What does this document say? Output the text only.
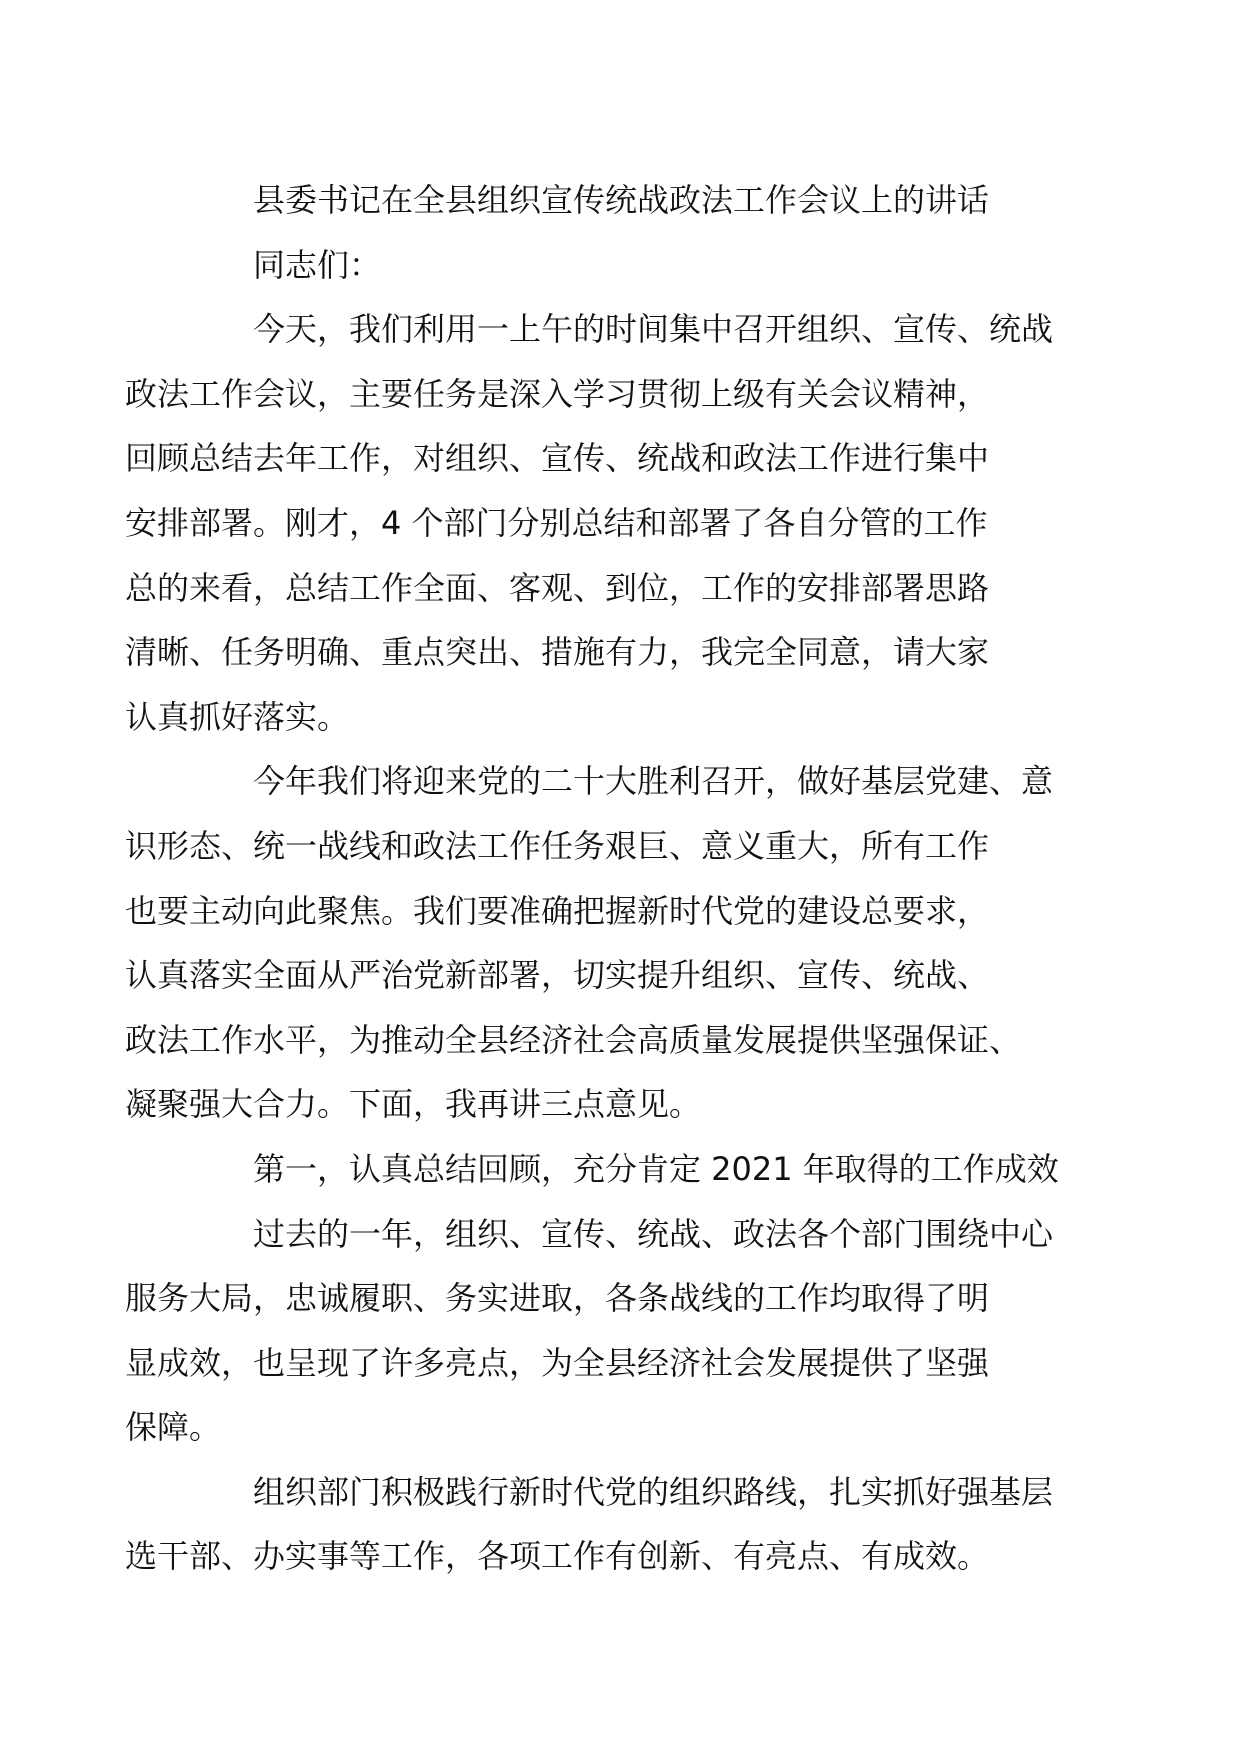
县委书记在全县组织宣传统战政法工作会议上的讲话

同志们：

今天，我们利用一上午的时间集中召开组织、宣传、统战
政法工作会议，主要任务是深入学习贯彻上级有关会议精神，
回顾总结去年工作，对组织、宣传、统战和政法工作进行集中
安排部署。刚才，4 个部门分别总结和部署了各自分管的工作
总的来看，总结工作全面、客观、到位，工作的安排部署思路
清晰、任务明确、重点突出、措施有力，我完全同意，请大家
认真抓好落实。

今年我们将迎来党的二十大胜利召开，做好基层党建、意
识形态、统一战线和政法工作任务艰巨、意义重大，所有工作
也要主动向此聚焦。我们要准确把握新时代党的建设总要求，
认真落实全面从严治党新部署，切实提升组织、宣传、统战、
政法工作水平，为推动全县经济社会高质量发展提供坚强保证、
凝聚强大合力。下面，我再讲三点意见。

第一，认真总结回顾，充分肯定 2021 年取得的工作成效

过去的一年，组织、宣传、统战、政法各个部门围绕中心
服务大局，忠诚履职、务实进取，各条战线的工作均取得了明
显成效，也呈现了许多亮点，为全县经济社会发展提供了坚强
保障。

组织部门积极践行新时代党的组织路线，扎实抓好强基层
选干部、办实事等工作，各项工作有创新、有亮点、有成效。
